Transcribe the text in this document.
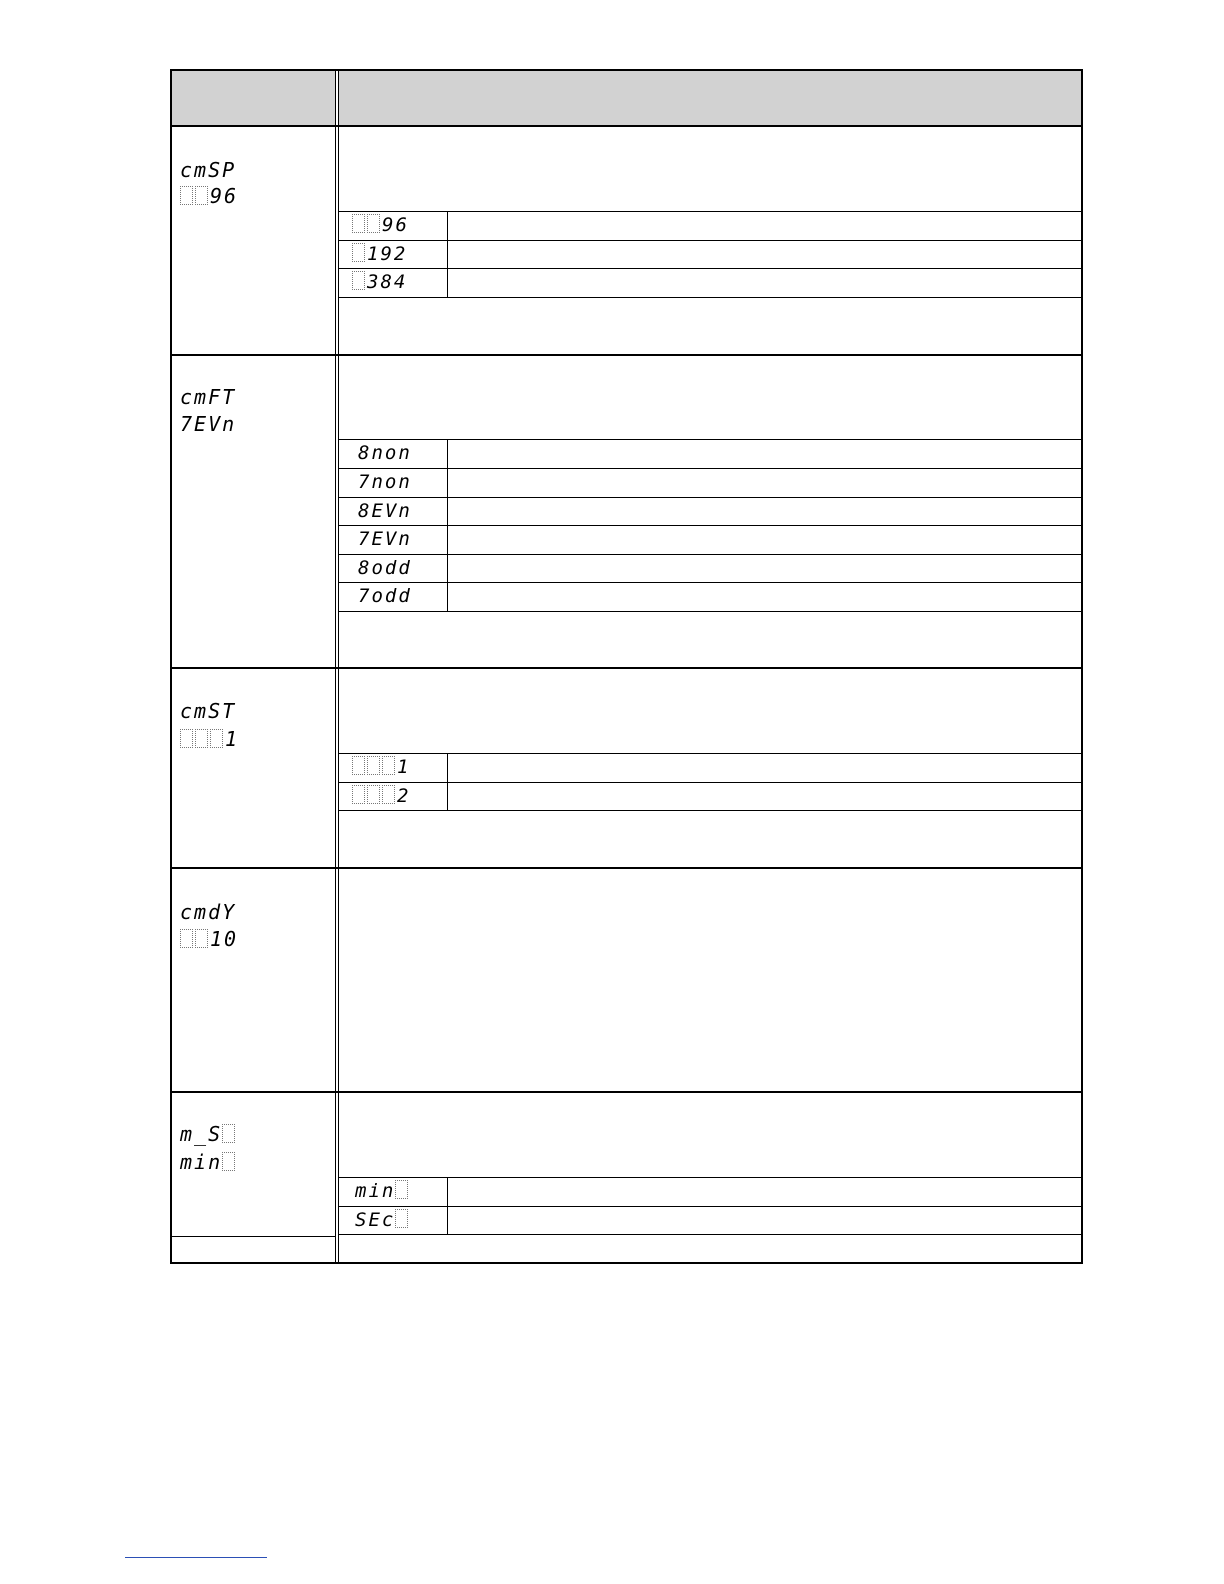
cmSP
96
96
192
384
cmFT
7EVn
8non
7non
8EVn
7EVn
8odd
7odd
cmST
1
1
2
cmdY
10
m_S
min
min
SEc
